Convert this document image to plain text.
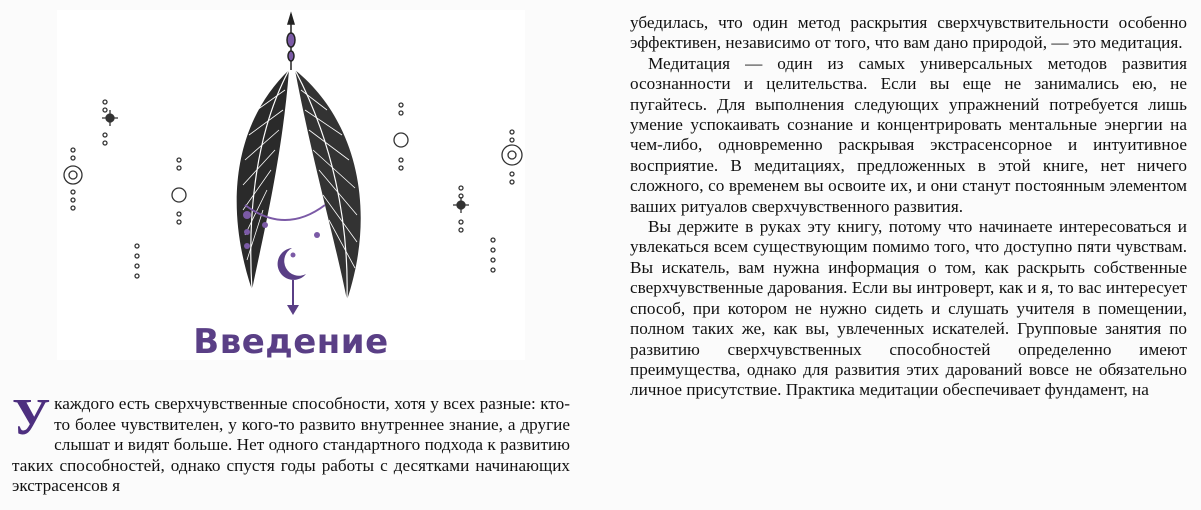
Введение
Укаждого есть сверхчувственные способности, хотя у всех разные: кто-то более чувствителен, у кого-то развито внутреннее знание, а другие слышат и видят больше. Нет одного стандартного подхода к развитию таких способностей, однако спустя годы работы с десятками начинающих экстрасенсов я

убедилась, что один метод раскрытия сверхчувствительности особенно эффективен, независимо от того, что вам дано природой, — это медитация.

Медитация — один из самых универсальных методов развития осознанности и целительства. Если вы еще не занимались ею, не пугайтесь. Для выполнения следующих упражнений потребуется лишь умение успокаивать сознание и концентрировать ментальные энергии на чем-либо, одновременно раскрывая экстрасенсорное и интуитивное восприятие. В медитациях, предложенных в этой книге, нет ничего сложного, со временем вы освоите их, и они станут постоянным элементом ваших ритуалов сверхчувственного развития.

Вы держите в руках эту книгу, потому что начинаете интересоваться и увлекаться всем существующим помимо того, что доступно пяти чувствам. Вы искатель, вам нужна информация о том, как раскрыть собственные сверхчувственные дарования. Если вы интроверт, как и я, то вас интересует способ, при котором не нужно сидеть и слушать учителя в помещении, полном таких же, как вы, увлеченных искателей. Групповые занятия по развитию сверхчувственных способностей определенно имеют преимущества, однако для развития этих дарований вовсе не обязательно личное присутствие. Практика медитации обеспечивает фундамент, на
